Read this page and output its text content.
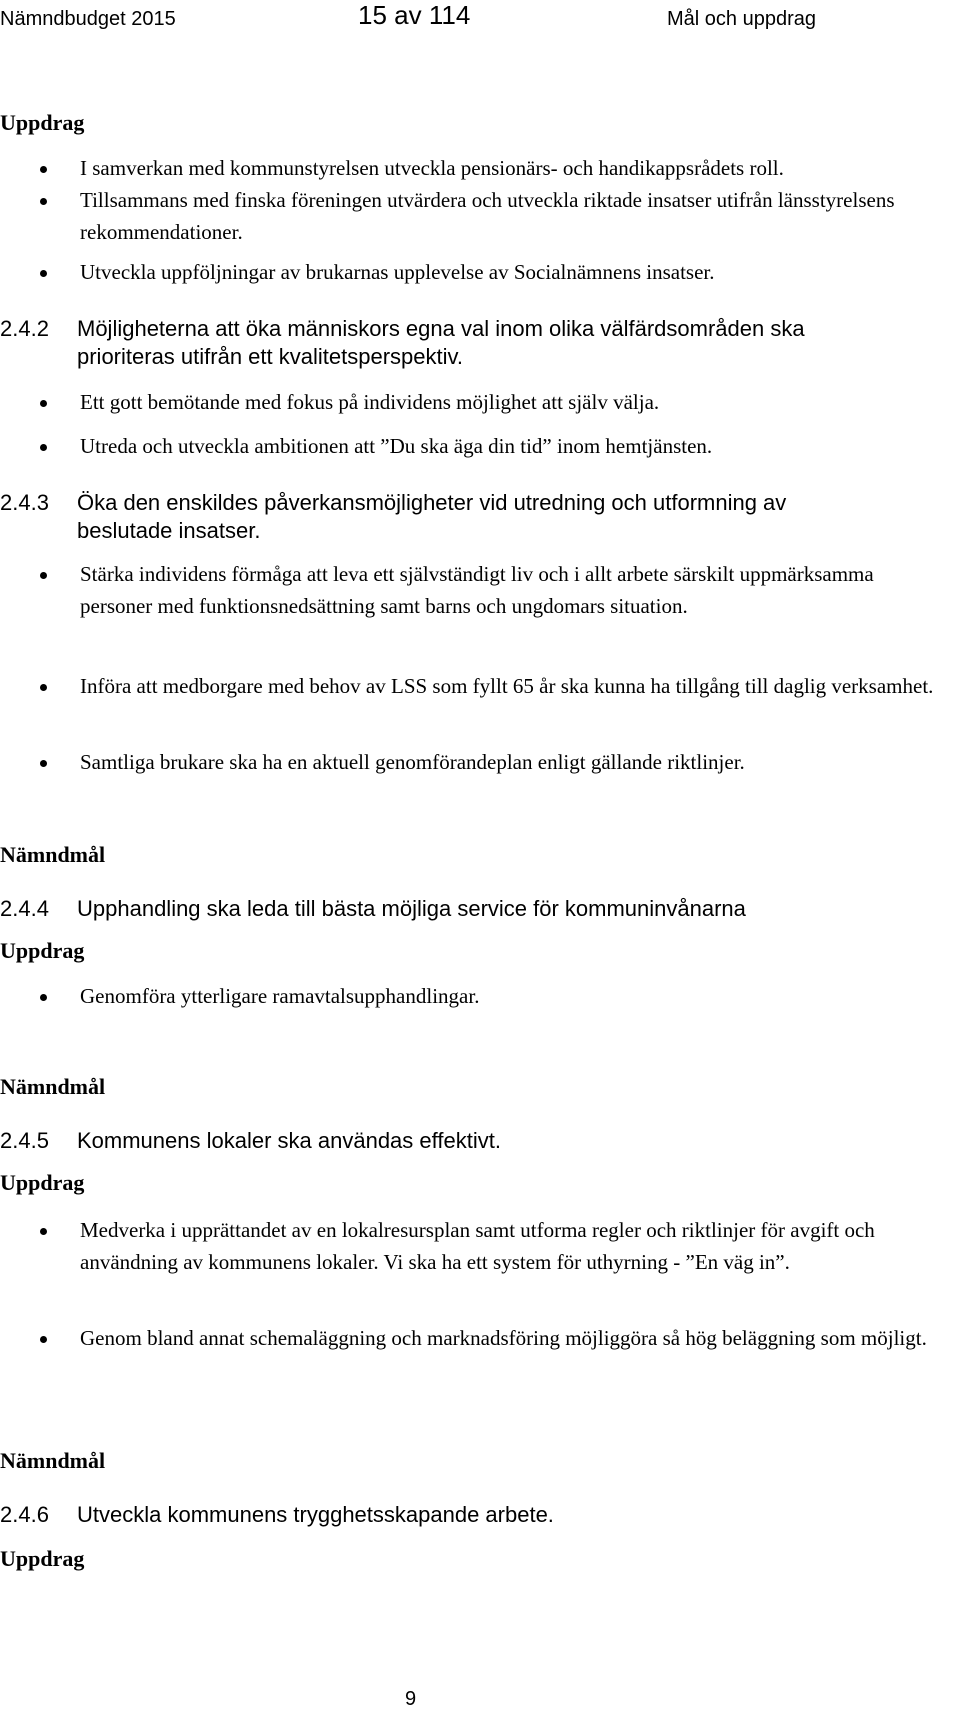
Nämndbudget 2015	15 av 114	Mål och uppdrag
Uppdrag
I samverkan med kommunstyrelsen utveckla pensionärs- och handikappsrådets roll.
Tillsammans med finska föreningen utvärdera och utveckla riktade insatser utifrån länsstyrelsens rekommendationer.
Utveckla uppföljningar av brukarnas upplevelse av Socialnämnens insatser.
2.4.2 Möjligheterna att öka människors egna val inom olika välfärdsområden ska
prioriteras utifrån ett kvalitetsperspektiv.
Ett gott bemötande med fokus på individens möjlighet att själv välja.
Utreda och utveckla ambitionen att ”Du ska äga din tid” inom hemtjänsten.
2.4.3 Öka den enskildes påverkansmöjligheter vid utredning och utformning av
beslutade insatser.
Stärka individens förmåga att leva ett självständigt liv och i allt arbete särskilt uppmärksamma personer med funktionsnedsättning samt barns och ungdomars situation.
Införa att medborgare med behov av LSS som fyllt 65 år ska kunna ha tillgång till daglig verksamhet.
Samtliga brukare ska ha en aktuell genomförandeplan enligt gällande riktlinjer.
Nämndmål
2.4.4 Upphandling ska leda till bästa möjliga service för kommuninvånarna
Uppdrag
Genomföra ytterligare ramavtalsupphandlingar.
Nämndmål
2.4.5 Kommunens lokaler ska användas effektivt.
Uppdrag
Medverka i upprättandet av en lokalresursplan samt utforma regler och riktlinjer för avgift och användning av kommunens lokaler. Vi ska ha ett system för uthyrning - ”En väg in”.
Genom bland annat schemaläggning och marknadsföring möjliggöra så hög beläggning som möjligt.
Nämndmål
2.4.6 Utveckla kommunens trygghetsskapande arbete.
Uppdrag
9
